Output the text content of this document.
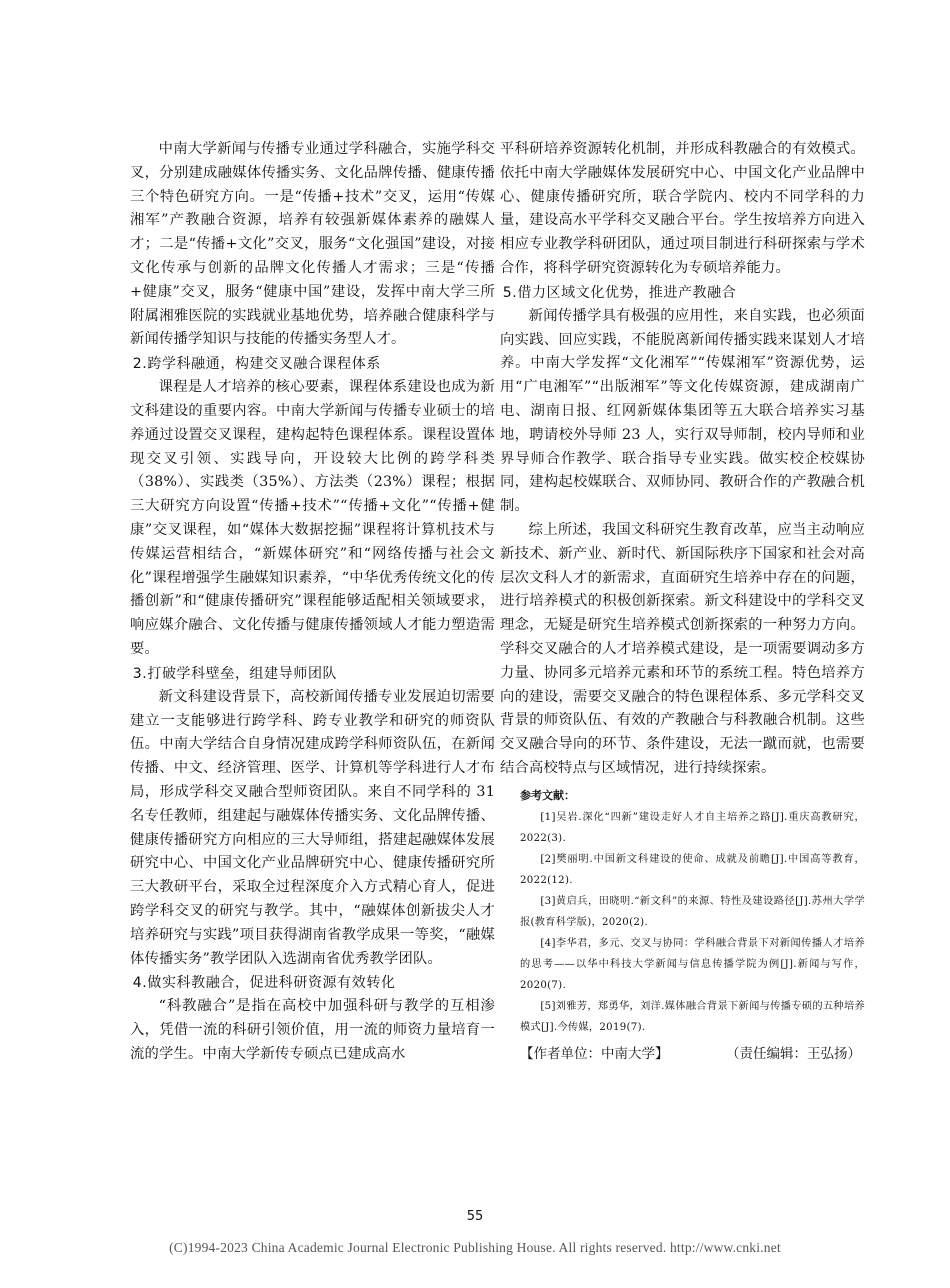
中南大学新闻与传播专业通过学科融合，实施学科交叉，分别建成融媒体传播实务、文化品牌传播、健康传播三个特色研究方向。一是“传播+技术”交叉，运用“传媒湘军”产教融合资源，培养有较强新媒体素养的融媒人才；二是“传播+文化”交叉，服务“文化强国”建设，对接文化传承与创新的品牌文化传播人才需求；三是“传播+健康”交叉，服务“健康中国”建设，发挥中南大学三所附属湘雅医院的实践就业基地优势，培养融合健康科学与新闻传播学知识与技能的传播实务型人才。

2.跨学科融通，构建交叉融合课程体系

课程是人才培养的核心要素，课程体系建设也成为新文科建设的重要内容。中南大学新闻与传播专业硕士的培养通过设置交叉课程，建构起特色课程体系。课程设置体现交叉引领、实践导向，开设较大比例的跨学科类（38%）、实践类（35%）、方法类（23%）课程；根据三大研究方向设置“传播+技术”“传播+文化”“传播+健康”交叉课程，如“媒体大数据挖掘”课程将计算机技术与传媒运营相结合，“新媒体研究”和“网络传播与社会文化”课程增强学生融媒知识素养，“中华优秀传统文化的传播创新”和“健康传播研究”课程能够适配相关领域要求，响应媒介融合、文化传播与健康传播领域人才能力塑造需要。

3.打破学科壁垒，组建导师团队

新文科建设背景下，高校新闻传播专业发展迫切需要建立一支能够进行跨学科、跨专业教学和研究的师资队伍。中南大学结合自身情况建成跨学科师资队伍，在新闻传播、中文、经济管理、医学、计算机等学科进行人才布局，形成学科交叉融合型师资团队。来自不同学科的 31 名专任教师，组建起与融媒体传播实务、文化品牌传播、健康传播研究方向相应的三大导师组，搭建起融媒体发展研究中心、中国文化产业品牌研究中心、健康传播研究所三大教研平台，采取全过程深度介入方式精心育人，促进跨学科交叉的研究与教学。其中，“融媒体创新拔尖人才培养研究与实践”项目获得湖南省教学成果一等奖，“融媒体传播实务”教学团队入选湖南省优秀教学团队。

4.做实科教融合，促进科研资源有效转化

“科教融合”是指在高校中加强科研与教学的互相渗入，凭借一流的科研引领价值，用一流的师资力量培育一流的学生。中南大学新传专硕点已建成高水

平科研培养资源转化机制，并形成科教融合的有效模式。依托中南大学融媒体发展研究中心、中国文化产业品牌中心、健康传播研究所，联合学院内、校内不同学科的力量，建设高水平学科交叉融合平台。学生按培养方向进入相应专业教学科研团队，通过项目制进行科研探索与学术合作，将科学研究资源转化为专硕培养能力。

5.借力区域文化优势，推进产教融合

新闻传播学具有极强的应用性，来自实践，也必须面向实践、回应实践，不能脱离新闻传播实践来谋划人才培养。中南大学发挥“文化湘军”“传媒湘军”资源优势，运用“广电湘军”“出版湘军”等文化传媒资源，建成湖南广电、湖南日报、红网新媒体集团等五大联合培养实习基地，聘请校外导师 23 人，实行双导师制，校内导师和业界导师合作教学、联合指导专业实践。做实校企校媒协同，建构起校媒联合、双师协同、教研合作的产教融合机制。

综上所述，我国文科研究生教育改革，应当主动响应新技术、新产业、新时代、新国际秩序下国家和社会对高层次文科人才的新需求，直面研究生培养中存在的问题，进行培养模式的积极创新探索。新文科建设中的学科交叉理念，无疑是研究生培养模式创新探索的一种努力方向。学科交叉融合的人才培养模式建设，是一项需要调动多方力量、协同多元培养元素和环节的系统工程。特色培养方向的建设，需要交叉融合的特色课程体系、多元学科交叉背景的师资队伍、有效的产教融合与科教融合机制。这些交叉融合导向的环节、条件建设，无法一蹴而就，也需要结合高校特点与区域情况，进行持续探索。

参考文献：

[1]吴岩.深化“四新”建设走好人才自主培养之路[J].重庆高教研究，2022(3).

[2]樊丽明.中国新文科建设的使命、成就及前瞻[J].中国高等教育，2022(12).

[3]黄启兵，田晓明.“新文科”的来源、特性及建设路径[J].苏州大学学报(教育科学版)，2020(2).

[4]李华君，多元、交叉与协同：学科融合背景下对新闻传播人才培养的思考——以华中科技大学新闻与信息传播学院为例[J].新闻与写作，2020(7).

[5]刘雅芳，郑勇华，刘洋.媒体融合背景下新闻与传播专硕的五种培养模式[J].今传媒，2019(7).

【作者单位：中南大学】	（责任编辑：王弘扬）
55
(C)1994-2023 China Academic Journal Electronic Publishing House. All rights reserved. http://www.cnki.net
